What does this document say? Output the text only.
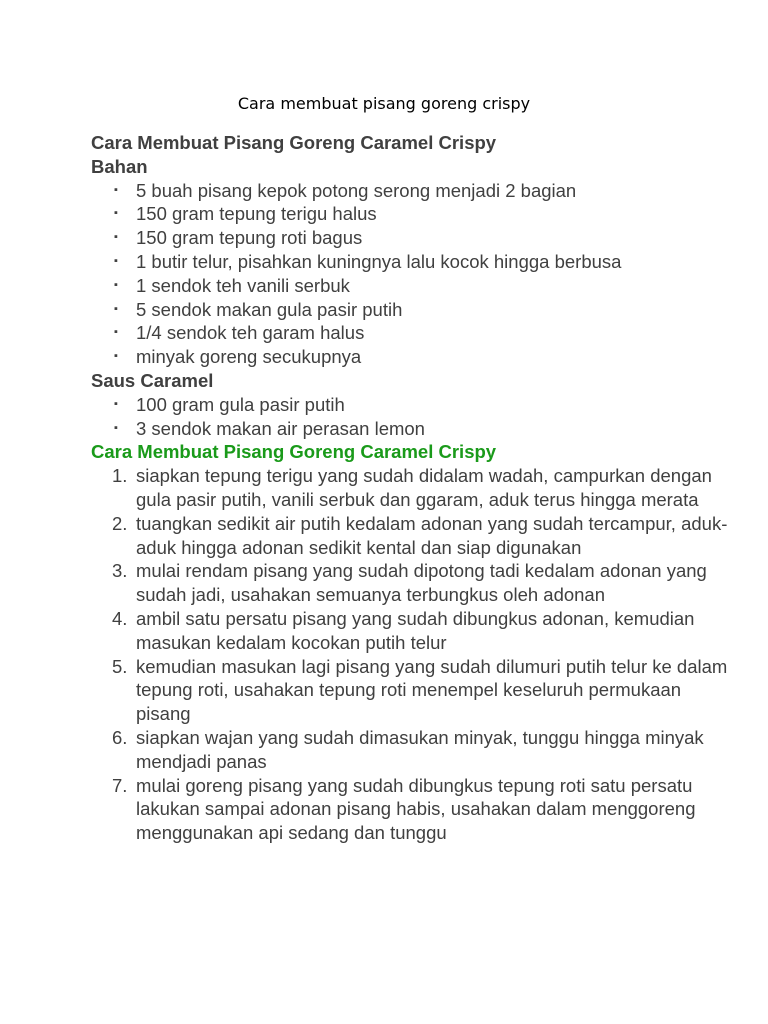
Cara membuat pisang goreng crispy
Cara Membuat Pisang Goreng Caramel Crispy
Bahan
▪ 5 buah pisang kepok potong serong menjadi 2 bagian
▪ 150 gram tepung terigu halus
▪ 150 gram tepung roti bagus
▪ 1 butir telur, pisahkan kuningnya lalu kocok hingga berbusa
▪ 1 sendok teh vanili serbuk
▪ 5 sendok makan gula pasir putih
▪ 1/4 sendok teh garam halus
▪ minyak goreng secukupnya
Saus Caramel
▪ 100 gram gula pasir putih
▪ 3 sendok makan air perasan lemon
Cara Membuat Pisang Goreng Caramel Crispy
1. siapkan tepung terigu yang sudah didalam wadah, campurkan dengan gula pasir putih, vanili serbuk dan ggaram, aduk terus hingga merata
2. tuangkan sedikit air putih kedalam adonan yang sudah tercampur, aduk-aduk hingga adonan sedikit kental dan siap digunakan
3. mulai rendam pisang yang sudah dipotong tadi kedalam adonan yang sudah jadi, usahakan semuanya terbungkus oleh adonan
4. ambil satu persatu pisang yang sudah dibungkus adonan, kemudian masukan kedalam kocokan putih telur
5. kemudian masukan lagi pisang yang sudah dilumuri putih telur ke dalam tepung roti, usahakan tepung roti menempel keseluruh permukaan pisang
6. siapkan wajan yang sudah dimasukan minyak, tunggu hingga minyak mendjadi panas
7. mulai goreng pisang yang sudah dibungkus tepung roti satu persatu lakukan sampai adonan pisang habis, usahakan dalam menggoreng menggunakan api sedang dan tunggu
